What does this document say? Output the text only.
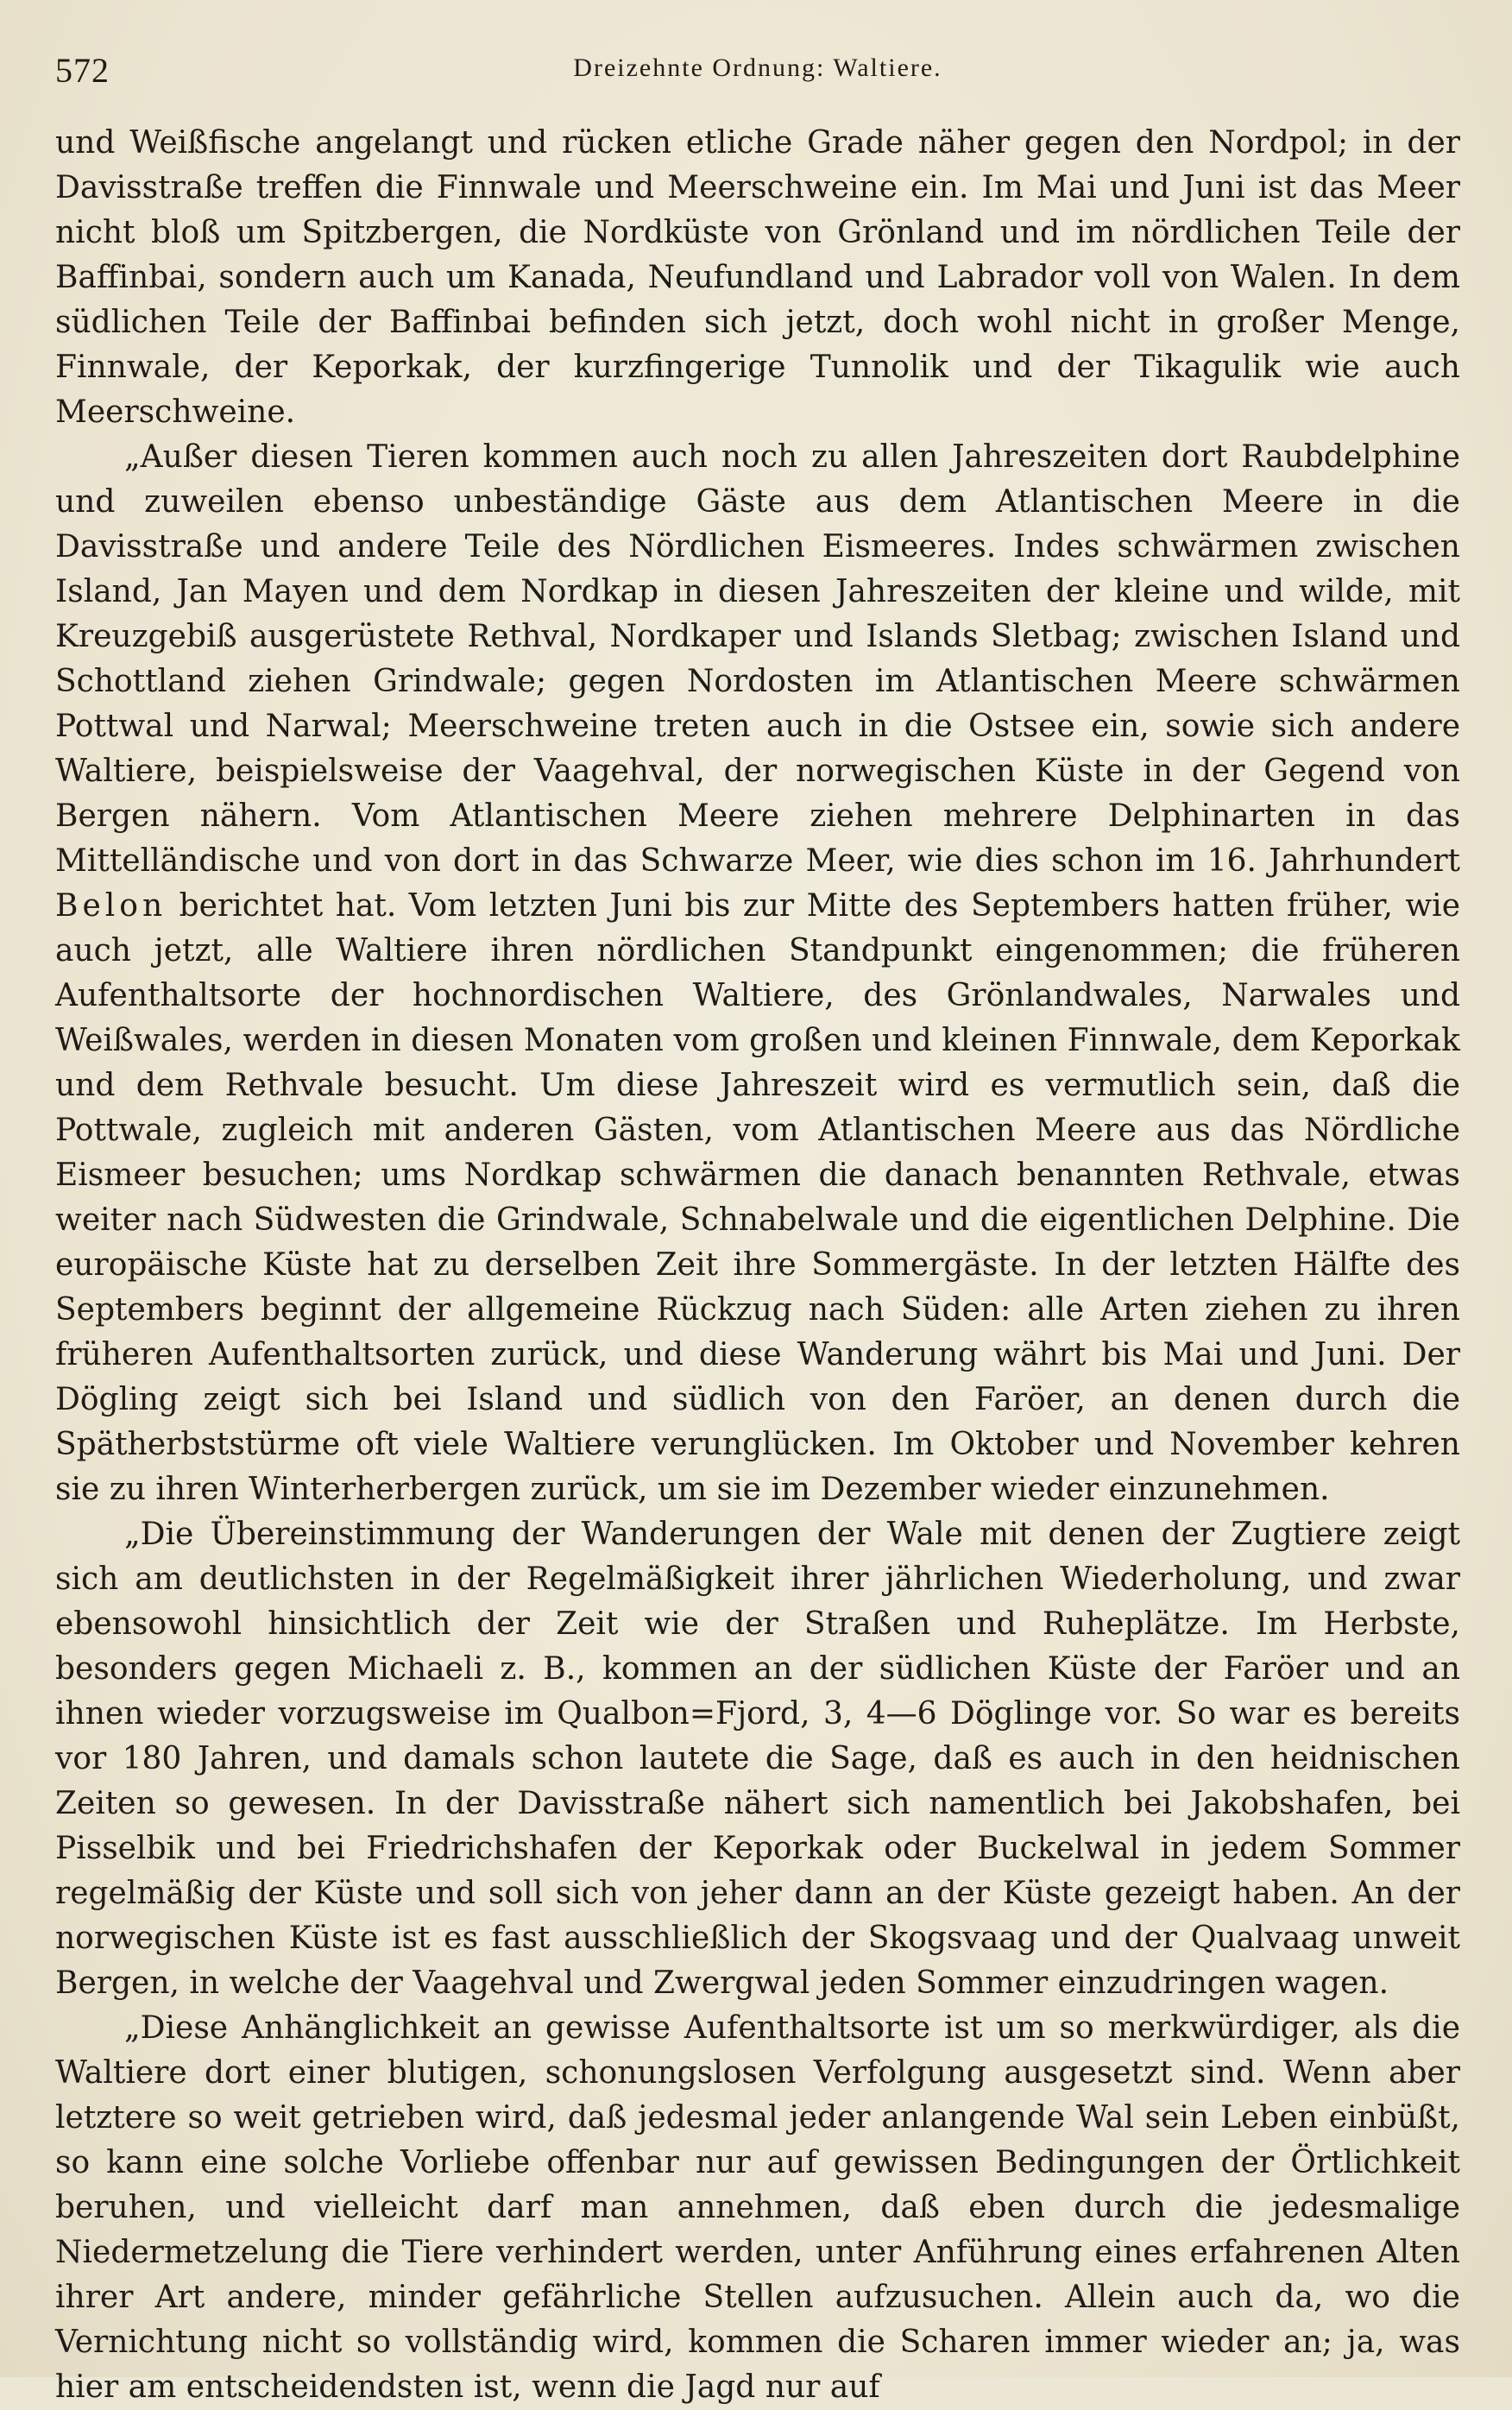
572	Dreizehnte Ordnung: Waltiere.

und Weißfische angelangt und rücken etliche Grade näher gegen den Nordpol; in der Davisstraße treffen die Finnwale und Meerschweine ein. Im Mai und Juni ist das Meer nicht bloß um Spitzbergen, die Nordküste von Grönland und im nördlichen Teile der Baffinbai, sondern auch um Kanada, Neufundland und Labrador voll von Walen. In dem südlichen Teile der Baffinbai befinden sich jetzt, doch wohl nicht in großer Menge, Finnwale, der Keporkak, der kurzfingerige Tunnolik und der Tikagulik wie auch Meerschweine.

„Außer diesen Tieren kommen auch noch zu allen Jahreszeiten dort Raubdelphine und zuweilen ebenso unbeständige Gäste aus dem Atlantischen Meere in die Davisstraße und andere Teile des Nördlichen Eismeeres. Indes schwärmen zwischen Island, Jan Mayen und dem Nordkap in diesen Jahreszeiten der kleine und wilde, mit Kreuzgebiß ausgerüstete Rethval, Nordkaper und Islands Sletbag; zwischen Island und Schottland ziehen Grindwale; gegen Nordosten im Atlantischen Meere schwärmen Pottwal und Narwal; Meerschweine treten auch in die Ostsee ein, sowie sich andere Waltiere, beispielsweise der Vaagehval, der norwegischen Küste in der Gegend von Bergen nähern. Vom Atlantischen Meere ziehen mehrere Delphinarten in das Mittelländische und von dort in das Schwarze Meer, wie dies schon im 16. Jahrhundert Belon berichtet hat. Vom letzten Juni bis zur Mitte des Septembers hatten früher, wie auch jetzt, alle Waltiere ihren nördlichen Standpunkt eingenommen; die früheren Aufenthaltsorte der hochnordischen Waltiere, des Grönlandwales, Narwales und Weißwales, werden in diesen Monaten vom großen und kleinen Finnwale, dem Keporkak und dem Rethvale besucht. Um diese Jahreszeit wird es vermutlich sein, daß die Pottwale, zugleich mit anderen Gästen, vom Atlantischen Meere aus das Nördliche Eismeer besuchen; ums Nordkap schwärmen die danach benannten Rethvale, etwas weiter nach Südwesten die Grindwale, Schnabelwale und die eigentlichen Delphine. Die europäische Küste hat zu derselben Zeit ihre Sommergäste. In der letzten Hälfte des Septembers beginnt der allgemeine Rückzug nach Süden: alle Arten ziehen zu ihren früheren Aufenthaltsorten zurück, und diese Wanderung währt bis Mai und Juni. Der Dögling zeigt sich bei Island und südlich von den Faröer, an denen durch die Spätherbststürme oft viele Waltiere verunglücken. Im Oktober und November kehren sie zu ihren Winterherbergen zurück, um sie im Dezember wieder einzunehmen.

„Die Übereinstimmung der Wanderungen der Wale mit denen der Zugtiere zeigt sich am deutlichsten in der Regelmäßigkeit ihrer jährlichen Wiederholung, und zwar ebensowohl hinsichtlich der Zeit wie der Straßen und Ruheplätze. Im Herbste, besonders gegen Michaeli z. B., kommen an der südlichen Küste der Faröer und an ihnen wieder vorzugsweise im Qualbon=Fjord, 3, 4—6 Döglinge vor. So war es bereits vor 180 Jahren, und damals schon lautete die Sage, daß es auch in den heidnischen Zeiten so gewesen. In der Davisstraße nähert sich namentlich bei Jakobshafen, bei Pisselbik und bei Friedrichshafen der Keporkak oder Buckelwal in jedem Sommer regelmäßig der Küste und soll sich von jeher dann an der Küste gezeigt haben. An der norwegischen Küste ist es fast ausschließlich der Skogsvaag und der Qualvaag unweit Bergen, in welche der Vaagehval und Zwergwal jeden Sommer einzudringen wagen.

„Diese Anhänglichkeit an gewisse Aufenthaltsorte ist um so merkwürdiger, als die Waltiere dort einer blutigen, schonungslosen Verfolgung ausgesetzt sind. Wenn aber letztere so weit getrieben wird, daß jedesmal jeder anlangende Wal sein Leben einbüßt, so kann eine solche Vorliebe offenbar nur auf gewissen Bedingungen der Örtlichkeit beruhen, und vielleicht darf man annehmen, daß eben durch die jedesmalige Niedermetzelung die Tiere verhindert werden, unter Anführung eines erfahrenen Alten ihrer Art andere, minder gefährliche Stellen aufzusuchen. Allein auch da, wo die Vernichtung nicht so vollständig wird, kommen die Scharen immer wieder an; ja, was hier am entscheidendsten ist, wenn die Jagd nur auf
